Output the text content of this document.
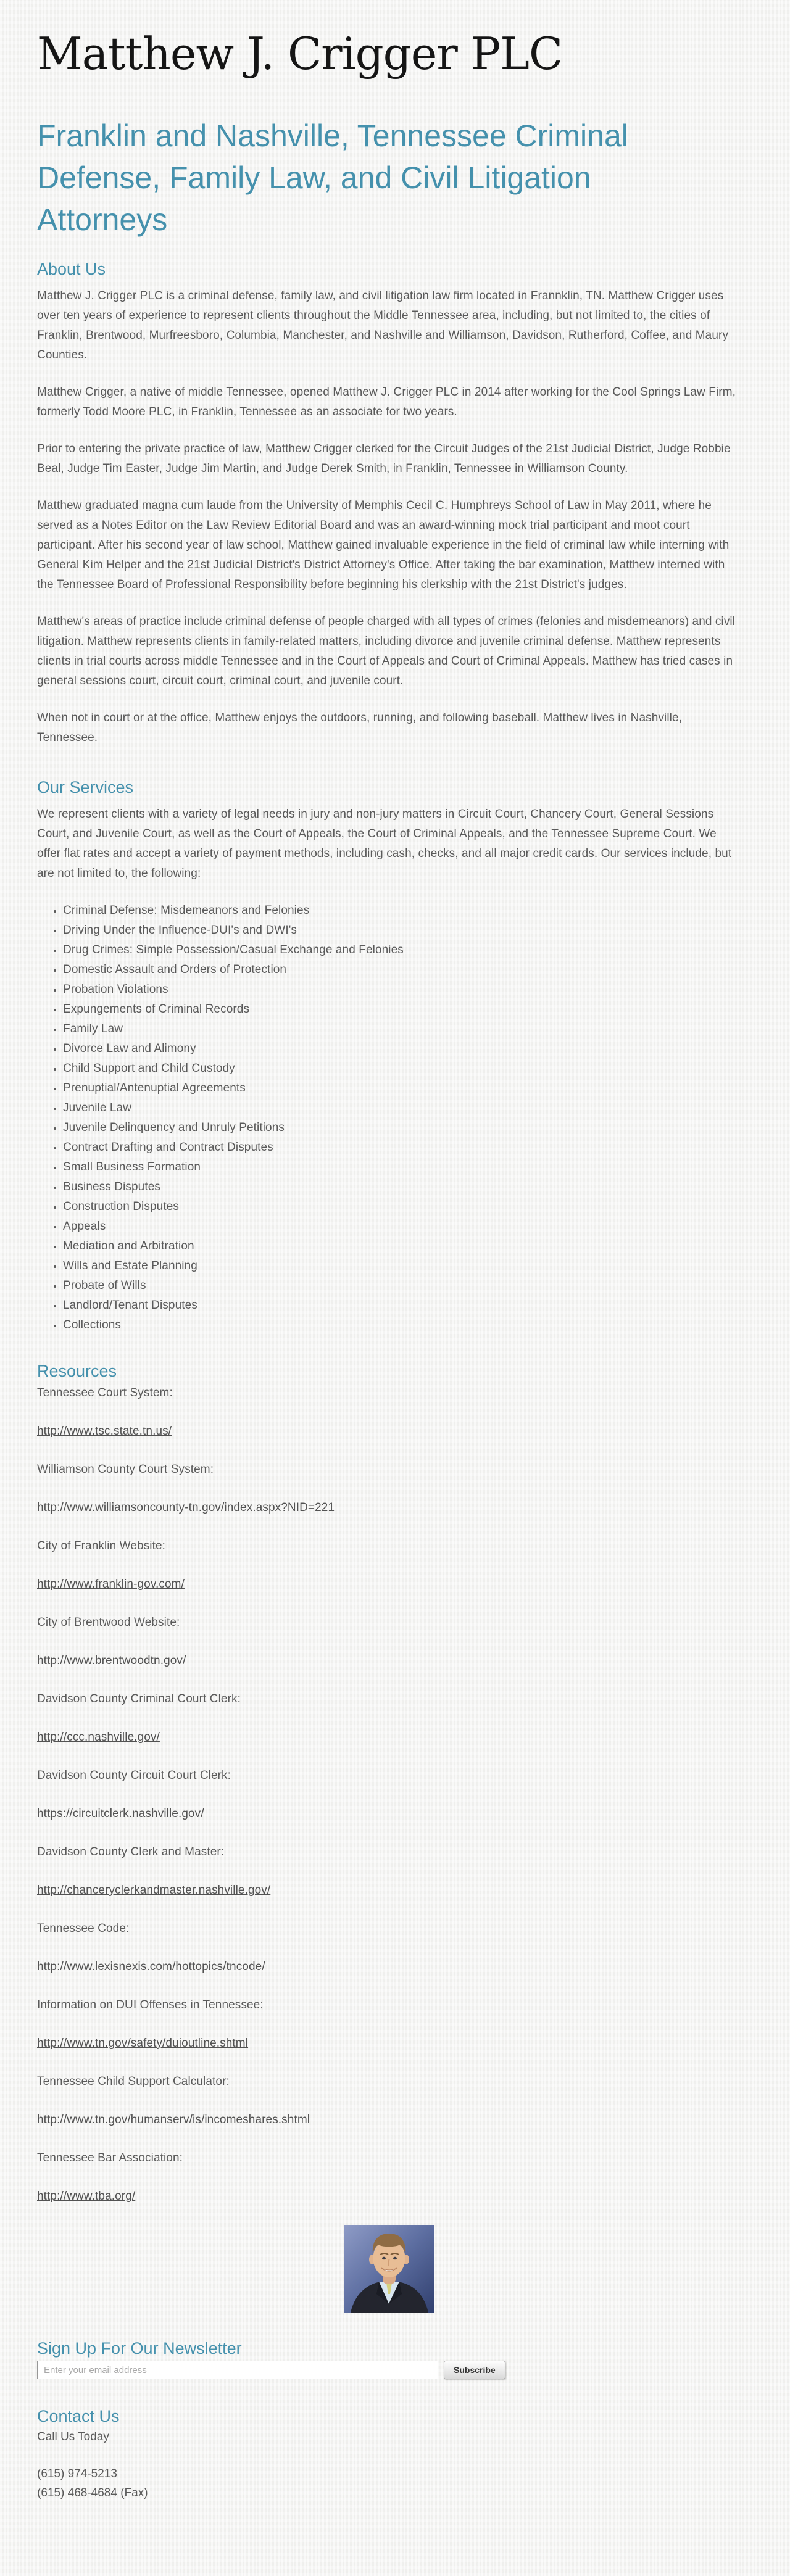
Matthew J. Crigger PLC
Franklin and Nashville, Tennessee Criminal Defense, Family Law, and Civil Litigation Attorneys
About Us

Matthew J. Crigger PLC is a criminal defense, family law, and civil litigation law firm located in Frannklin, TN. Matthew Crigger uses over ten years of experience to represent clients throughout the Middle Tennessee area, including, but not limited to, the cities of Franklin, Brentwood, Murfreesboro, Columbia, Manchester, and Nashville and Williamson, Davidson, Rutherford, Coffee, and Maury Counties.

Matthew Crigger, a native of middle Tennessee, opened Matthew J. Crigger PLC in 2014 after working for the Cool Springs Law Firm, formerly Todd Moore PLC, in Franklin, Tennessee as an associate for two years.

Prior to entering the private practice of law, Matthew Crigger clerked for the Circuit Judges of the 21st Judicial District, Judge Robbie Beal, Judge Tim Easter, Judge Jim Martin, and Judge Derek Smith, in Franklin, Tennessee in Williamson County.

Matthew graduated magna cum laude from the University of Memphis Cecil C. Humphreys School of Law in May 2011, where he served as a Notes Editor on the Law Review Editorial Board and was an award-winning mock trial participant and moot court participant. After his second year of law school, Matthew gained invaluable experience in the field of criminal law while interning with General Kim Helper and the 21st Judicial District's District Attorney's Office. After taking the bar examination, Matthew interned with the Tennessee Board of Professional Responsibility before beginning his clerkship with the 21st District's judges.

Matthew's areas of practice include criminal defense of people charged with all types of crimes (felonies and misdemeanors) and civil litigation. Matthew represents clients in family-related matters, including divorce and juvenile criminal defense. Matthew represents clients in trial courts across middle Tennessee and in the Court of Appeals and Court of Criminal Appeals. Matthew has tried cases in general sessions court, circuit court, criminal court, and juvenile court.

When not in court or at the office, Matthew enjoys the outdoors, running, and following baseball. Matthew lives in Nashville, Tennessee.

Our Services

We represent clients with a variety of legal needs in jury and non-jury matters in Circuit Court, Chancery Court, General Sessions Court, and Juvenile Court, as well as the Court of Appeals, the Court of Criminal Appeals, and the Tennessee Supreme Court. We offer flat rates and accept a variety of payment methods, including cash, checks, and all major credit cards. Our services include, but are not limited to, the following:

• Criminal Defense: Misdemeanors and Felonies
• Driving Under the Influence-DUI's and DWI's
• Drug Crimes: Simple Possession/Casual Exchange and Felonies
• Domestic Assault and Orders of Protection
• Probation Violations
• Expungements of Criminal Records
• Family Law
• Divorce Law and Alimony
• Child Support and Child Custody
• Prenuptial/Antenuptial Agreements
• Juvenile Law
• Juvenile Delinquency and Unruly Petitions
• Contract Drafting and Contract Disputes
• Small Business Formation
• Business Disputes
• Construction Disputes
• Appeals
• Mediation and Arbitration
• Wills and Estate Planning
• Probate of Wills
• Landlord/Tenant Disputes
• Collections
Resources

Tennessee Court System:

http://www.tsc.state.tn.us/

Williamson County Court System:

http://www.williamsoncounty-tn.gov/index.aspx?NID=221

City of Franklin Website:

http://www.franklin-gov.com/

City of Brentwood Website:

http://www.brentwoodtn.gov/

Davidson County Criminal Court Clerk:

http://ccc.nashville.gov/

Davidson County Circuit Court Clerk:

https://circuitclerk.nashville.gov/

Davidson County Clerk and Master:

http://chanceryclerkandmaster.nashville.gov/

Tennessee Code:

http://www.lexisnexis.com/hottopics/tncode/

Information on DUI Offenses in Tennessee:

http://www.tn.gov/safety/duioutline.shtml

Tennessee Child Support Calculator:

http://www.tn.gov/humanserv/is/incomeshares.shtml

Tennessee Bar Association:

http://www.tba.org/

Sign Up For Our Newsletter
Enter your email address
Subscribe
Contact Us

Call Us Today

(615) 974-5213
(615) 468-4684 (Fax)
